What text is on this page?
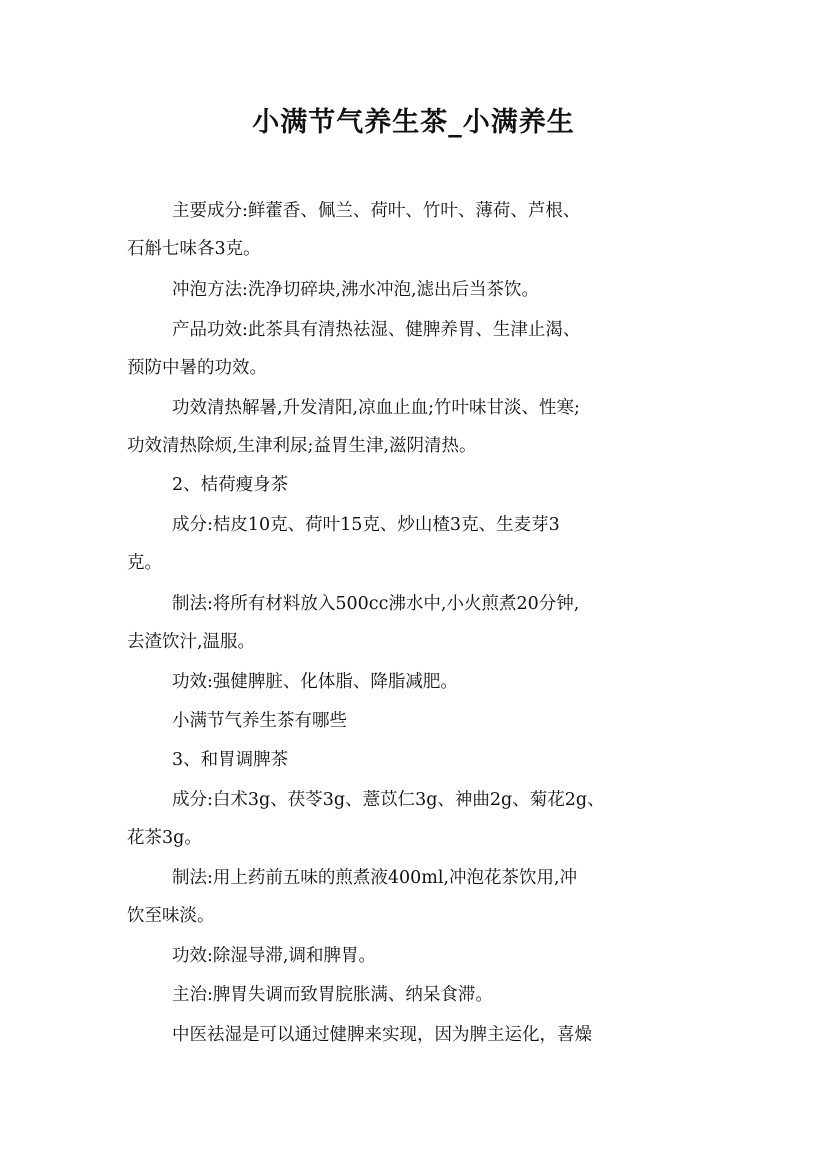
小满节气养生茶_小满养生
主要成分:鲜藿香、佩兰、荷叶、竹叶、薄荷、芦根、
石斛七味各3克。
冲泡方法:洗净切碎块,沸水冲泡,滤出后当茶饮。
产品功效:此茶具有清热祛湿、健脾养胃、生津止渴、
预防中暑的功效。
功效清热解暑,升发清阳,凉血止血;竹叶味甘淡、性寒;
功效清热除烦,生津利尿;益胃生津,滋阴清热。
2、桔荷瘦身茶
成分:桔皮10克、荷叶15克、炒山楂3克、生麦芽3
克。
制法:将所有材料放入500cc沸水中,小火煎煮20分钟,
去渣饮汁,温服。
功效:强健脾脏、化体脂、降脂减肥。
小满节气养生茶有哪些
3、和胃调脾茶
成分:白术3g、茯苓3g、薏苡仁3g、神曲2g、菊花2g、
花茶3g。
制法:用上药前五味的煎煮液400ml,冲泡花茶饮用,冲
饮至味淡。
功效:除湿导滞,调和脾胃。
主治:脾胃失调而致胃脘胀满、纳呆食滞。
中医祛湿是可以通过健脾来实现，因为脾主运化，喜燥
